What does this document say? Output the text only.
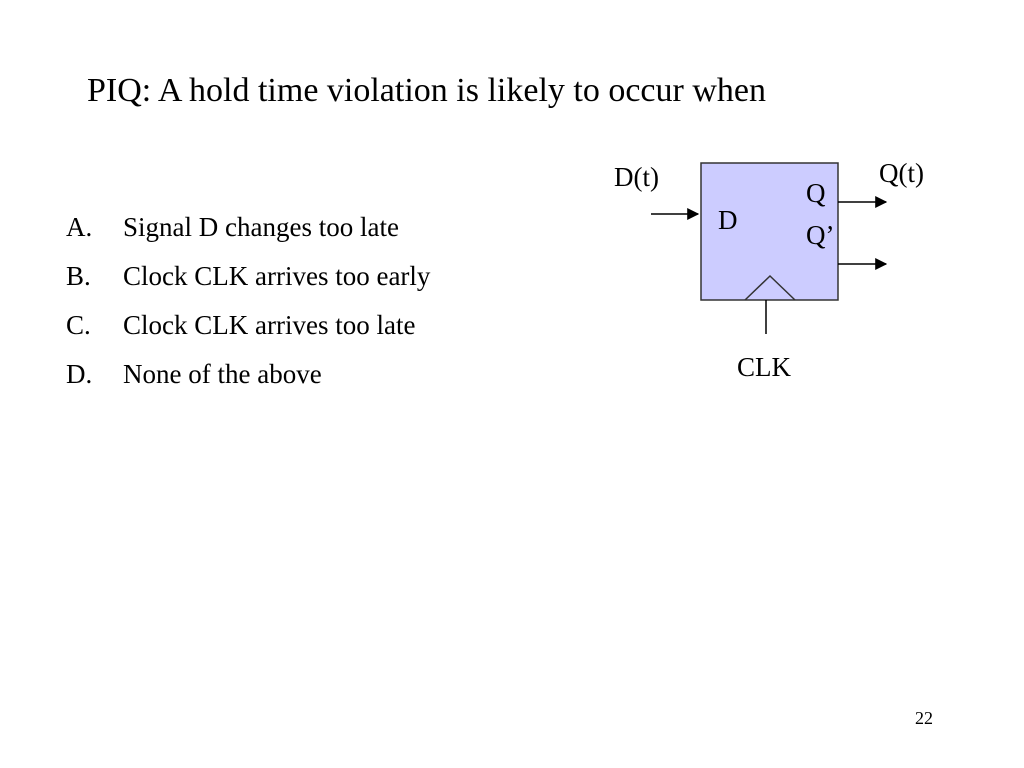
PIQ: A hold time violation is likely to occur when
A.	Signal D changes too late
B.	Clock CLK arrives too early
C.	Clock CLK arrives too late
D.	None of the above
D(t)	Q(t)
D
Q
Q’
CLK
22
